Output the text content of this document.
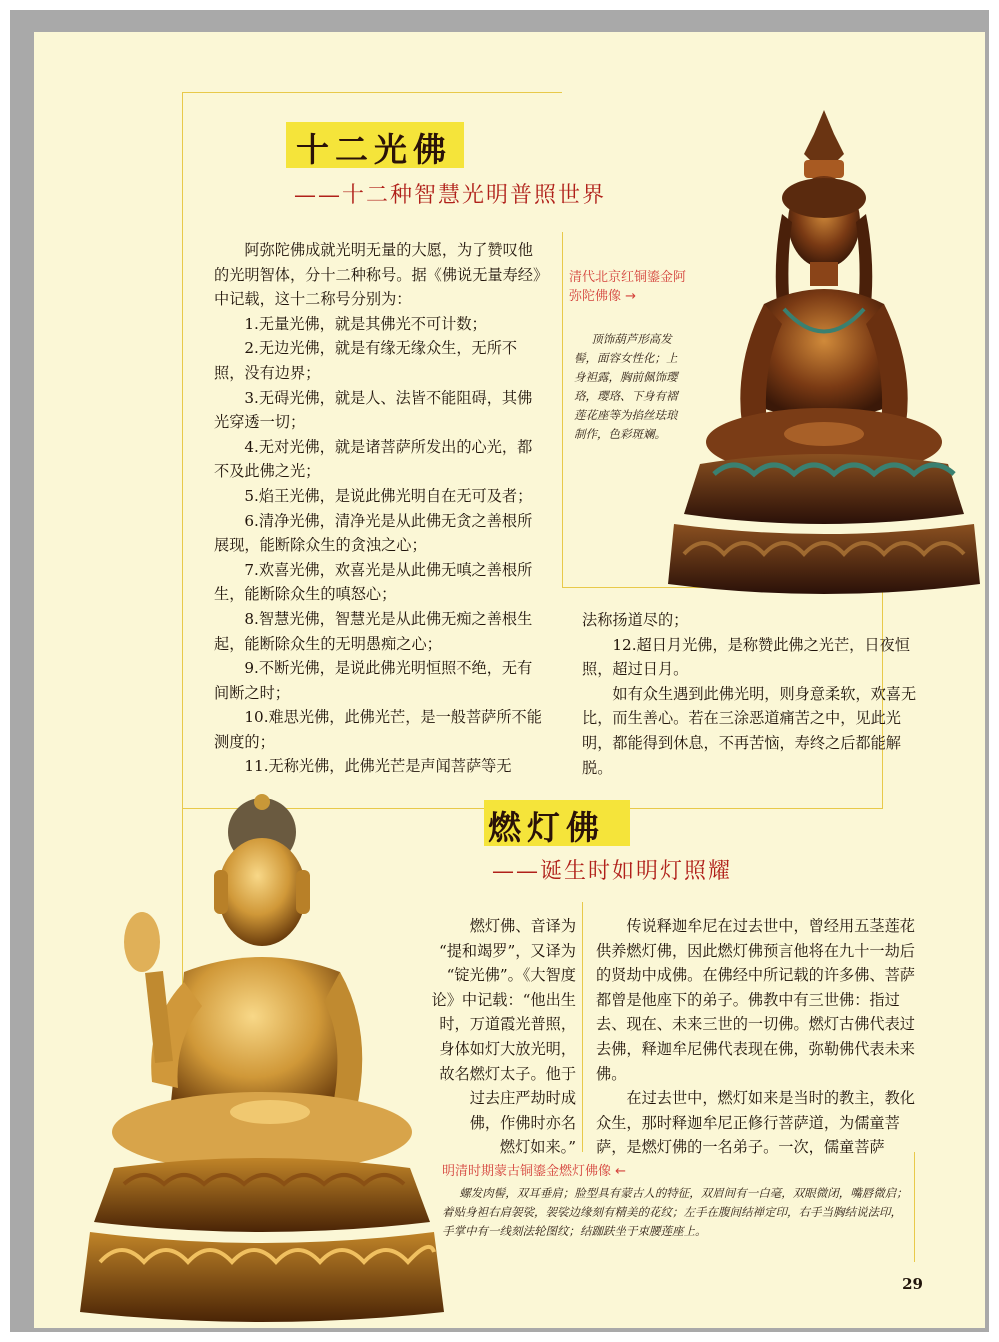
十二光佛
——十二种智慧光明普照世界

阿弥陀佛成就光明无量的大愿，为了赞叹他的光明智体，分十二种称号。据《佛说无量寿经》中记载，这十二称号分别为：

1.无量光佛，就是其佛光不可计数；

2.无边光佛，就是有缘无缘众生，无所不照，没有边界；

3.无碍光佛，就是人、法皆不能阻碍，其佛光穿透一切；

4.无对光佛，就是诸菩萨所发出的心光，都不及此佛之光；

5.焰王光佛，是说此佛光明自在无可及者；

6.清净光佛，清净光是从此佛无贪之善根所展现，能断除众生的贪浊之心；

7.欢喜光佛，欢喜光是从此佛无嗔之善根所生，能断除众生的嗔怒心；

8.智慧光佛，智慧光是从此佛无痴之善根生起，能断除众生的无明愚痴之心；

9.不断光佛，是说此佛光明恒照不绝，无有间断之时；

10.难思光佛，此佛光芒，是一般菩萨所不能测度的；

11.无称光佛，此佛光芒是声闻菩萨等无

清代北京红铜鎏金阿弥陀佛像 →
顶饰葫芦形高发髻，面容女性化；上身袒露，胸前佩饰璎珞，璎珞、下身有褶莲花座等为掐丝珐琅制作，色彩斑斓。

法称扬道尽的；

12.超日月光佛，是称赞此佛之光芒，日夜恒照，超过日月。

如有众生遇到此佛光明，则身意柔软，欢喜无比，而生善心。若在三涂恶道痛苦之中，见此光明，都能得到休息，不再苦恼，寿终之后都能解脱。

燃灯佛
——诞生时如明灯照耀

燃灯佛、音译为

“提和竭罗”，又译为

“锭光佛”。《大智度

论》中记载：“他出生

时，万道霞光普照，

身体如灯大放光明，

故名燃灯太子。他于

过去庄严劫时成

佛，作佛时亦名

燃灯如来。”

传说释迦牟尼在过去世中，曾经用五茎莲花供养燃灯佛，因此燃灯佛预言他将在九十一劫后的贤劫中成佛。在佛经中所记载的许多佛、菩萨都曾是他座下的弟子。佛教中有三世佛：指过去、现在、未来三世的一切佛。燃灯古佛代表过去佛，释迦牟尼佛代表现在佛，弥勒佛代表未来佛。

在过去世中，燃灯如来是当时的教主，教化众生，那时释迦牟尼正修行菩萨道，为儒童菩萨，是燃灯佛的一名弟子。一次，儒童菩萨

明清时期蒙古铜鎏金燃灯佛像 ←
螺发肉髻，双耳垂肩；脸型具有蒙古人的特征，双眉间有一白毫，双眼微闭，嘴唇微启；着贴身袒右肩袈裟，袈裟边缘刻有精美的花纹；左手在腹间结禅定印，右手当胸结说法印，手掌中有一线刻法轮图纹；结跏趺坐于束腰莲座上。
29
